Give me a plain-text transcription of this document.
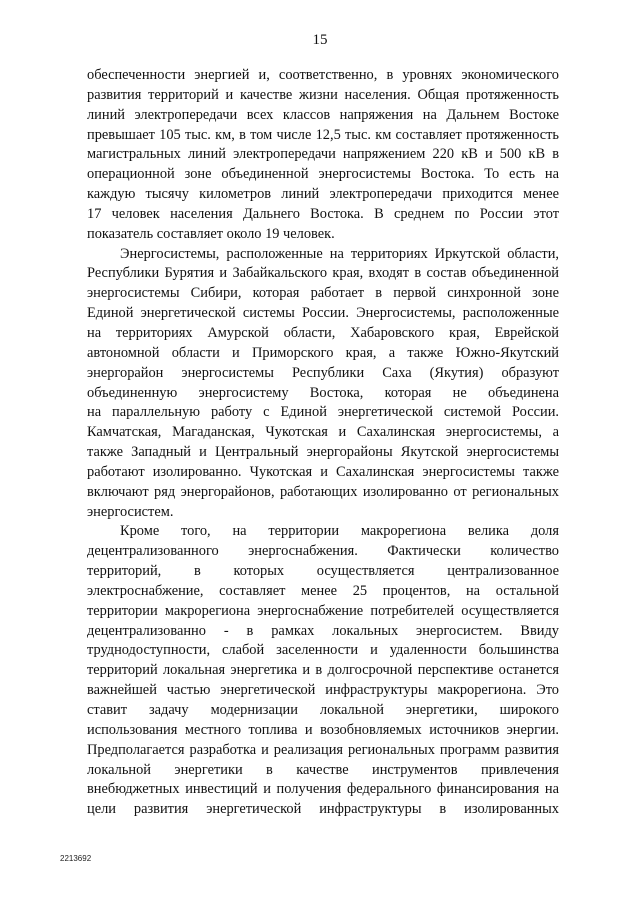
15
обеспеченности энергией и, соответственно, в уровнях экономического
развития территорий и качестве жизни населения. Общая протяженность
линий электропередачи всех классов напряжения на Дальнем Востоке
превышает 105 тыс. км, в том числе 12,5 тыс. км составляет протяженность
магистральных линий электропередачи напряжением 220 кВ и 500 кВ в
операционной зоне объединенной энергосистемы Востока. То есть на
каждую тысячу километров линий электропередачи приходится менее
17 человек населения Дальнего Востока. В среднем по России этот
показатель составляет около 19 человек.
Энергосистемы, расположенные на территориях Иркутской области,
Республики Бурятия и Забайкальского края, входят в состав объединенной
энергосистемы Сибири, которая работает в первой синхронной зоне
Единой энергетической системы России. Энергосистемы, расположенные
на территориях Амурской области, Хабаровского края, Еврейской
автономной области и Приморского края, а также Южно-Якутский
энергорайон энергосистемы Республики Саха (Якутия) образуют
объединенную энергосистему Востока, которая не объединена
на параллельную работу с Единой энергетической системой России.
Камчатская, Магаданская, Чукотская и Сахалинская энергосистемы, а
также Западный и Центральный энергорайоны Якутской энергосистемы
работают изолированно. Чукотская и Сахалинская энергосистемы также
включают ряд энергорайонов, работающих изолированно от региональных
энергосистем.
Кроме того, на территории макрорегиона велика доля
децентрализованного энергоснабжения. Фактически количество
территорий, в которых осуществляется централизованное
электроснабжение, составляет менее 25 процентов, на остальной
территории макрорегиона энергоснабжение потребителей осуществляется
децентрализованно - в рамках локальных энергосистем. Ввиду
труднодоступности, слабой заселенности и удаленности большинства
территорий локальная энергетика и в долгосрочной перспективе останется
важнейшей частью энергетической инфраструктуры макрорегиона. Это
ставит задачу модернизации локальной энергетики, широкого
использования местного топлива и возобновляемых источников энергии.
Предполагается разработка и реализация региональных программ развития
локальной энергетики в качестве инструментов привлечения
внебюджетных инвестиций и получения федерального финансирования на
цели развития энергетической инфраструктуры в изолированных
2213692
